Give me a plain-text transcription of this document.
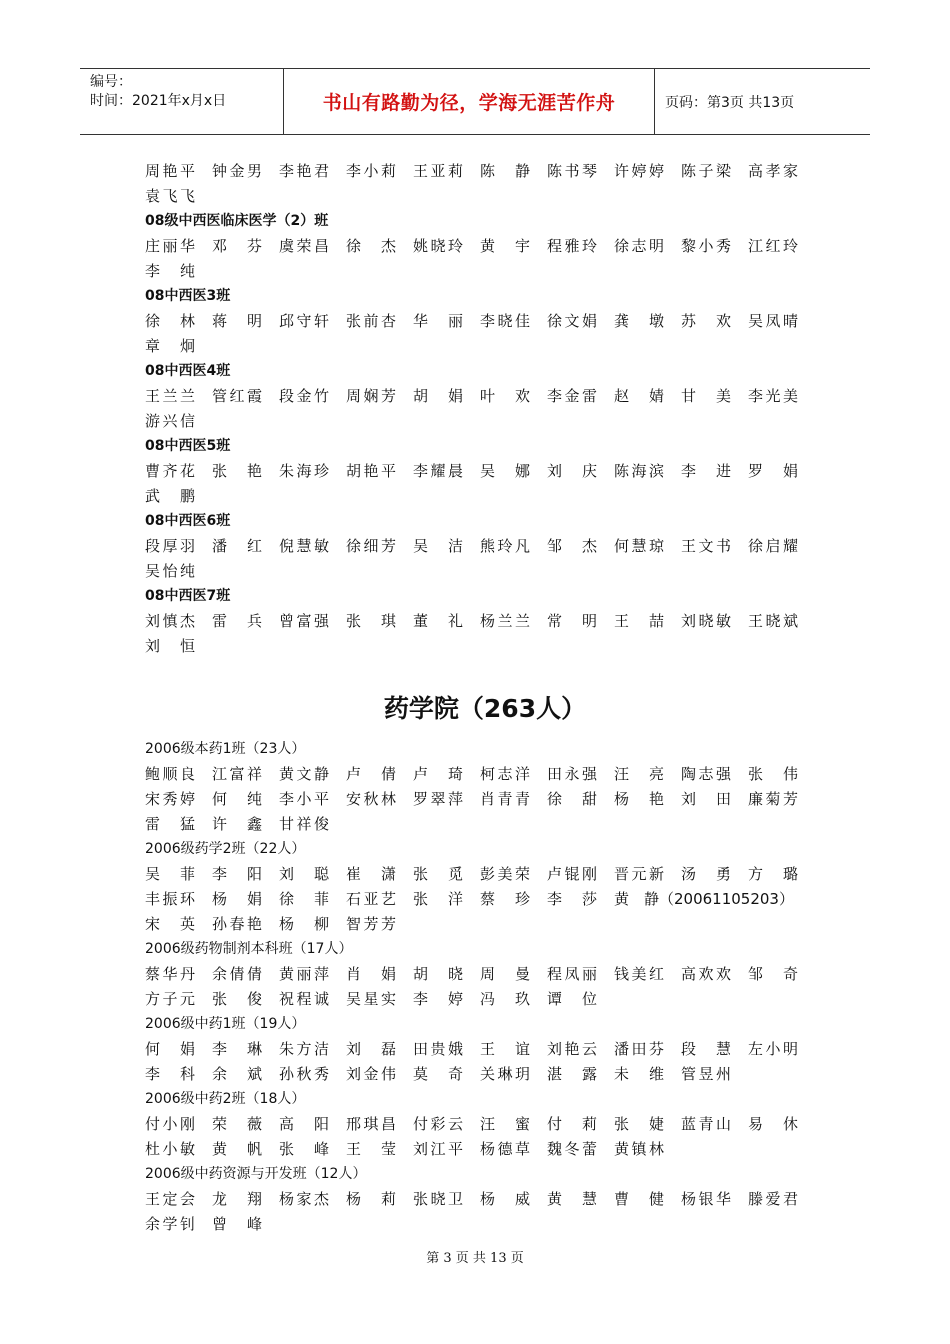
编号：
时间：2021年x月x日	书山有路勤为径，学海无涯苦作舟	页码：第3页 共13页
周艳平	钟金男	李艳君	李小莉	王亚莉	陈　静	陈书琴	许婷婷	陈子梁	高孝家
袁飞飞
08级中西医临床医学（2）班
庄丽华	邓　芬	虞荣昌	徐　杰	姚晓玲	黄　宇	程雅玲	徐志明	黎小秀	江红玲
李　纯
08中西医3班
徐　林	蒋　明	邱守轩	张前杏	华　丽	李晓佳	徐文娟	龚　墩	苏　欢	吴凤晴
章　炯
08中西医4班
王兰兰	管红霞	段金竹	周娴芳	胡　娟	叶　欢	李金雷	赵　婧	甘　美	李光美
游兴信
08中西医5班
曹齐花	张　艳	朱海珍	胡艳平	李耀晨	吴　娜	刘　庆	陈海滨	李　进	罗　娟
武　鹏
08中西医6班
段厚羽	潘　红	倪慧敏	徐细芳	吴　洁	熊玲凡	邹　杰	何慧琼	王文书	徐启耀
吴怡纯
08中西医7班
刘慎杰	雷　兵	曾富强	张　琪	董　礼	杨兰兰	常　明	王　喆	刘晓敏	王晓斌
刘　恒
药学院（263人）
2006级本药1班（23人）
鲍顺良	江富祥	黄文静	卢　倩	卢　琦	柯志洋	田永强	汪　亮	陶志强	张　伟
宋秀婷	何　纯	李小平	安秋林	罗翠萍	肖青青	徐　甜	杨　艳	刘　田	廉菊芳
雷　猛	许　鑫	甘祥俊
2006级药学2班（22人）
吴　菲	李　阳	刘　聪	崔　潇	张　觅	彭美荣	卢锟刚	晋元新	汤　勇	方　璐
丰振环	杨　娟	徐　菲	石亚艺	张　洋	蔡　珍	李　莎	黄　静（20061105203）
宋　英	孙春艳	杨　柳	智芳芳
2006级药物制剂本科班（17人）
蔡华丹	余倩倩	黄丽萍	肖　娟	胡　晓	周　曼	程凤丽	钱美红	高欢欢	邹　奇
方子元	张　俊	祝程诚	吴星实	李　婷	冯　玖	谭　位
2006级中药1班（19人）
何　娟	李　琳	朱方洁	刘　磊	田贵娥	王　谊	刘艳云	潘田芬	段　慧	左小明
李　科	余　斌	孙秋秀	刘金伟	莫　奇	关琳玥	湛　露	未　维	管昱州
2006级中药2班（18人）
付小刚	荣　薇	高　阳	邢琪昌	付彩云	汪　蜜	付　莉	张　婕	蓝青山	易　休
杜小敏	黄　帆	张　峰	王　莹	刘江平	杨德草	魏冬蕾	黄镇林
2006级中药资源与开发班（12人）
王定会	龙　翔	杨家杰	杨　莉	张晓卫	杨　威	黄　慧	曹　健	杨银华	滕爱君
余学钊	曾　峰
第 3 页 共 13 页
